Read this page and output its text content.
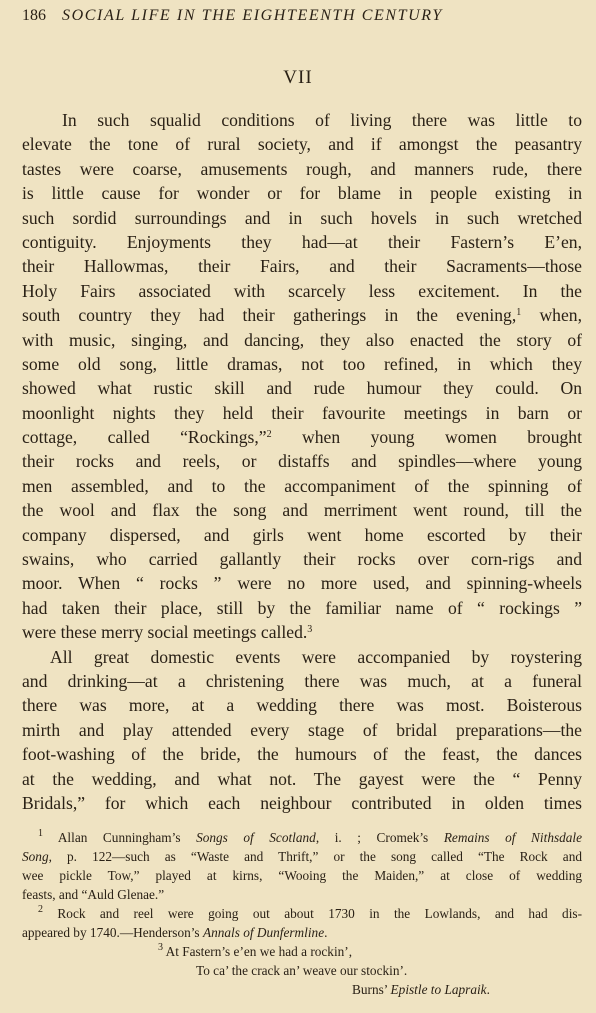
186 SOCIAL LIFE IN THE EIGHTEENTH CENTURY
VII
In such squalid conditions of living there was little to
elevate the tone of rural society, and if amongst the peasantry
tastes were coarse, amusements rough, and manners rude, there
is little cause for wonder or for blame in people existing in
such sordid surroundings and in such hovels in such wretched
contiguity. Enjoyments they had—at their Fastern’s E’en,
their Hallowmas, their Fairs, and their Sacraments—those
Holy Fairs associated with scarcely less excitement. In the
south country they had their gatherings in the evening,$^1$ when,
with music, singing, and dancing, they also enacted the story of
some old song, little dramas, not too refined, in which they
showed what rustic skill and rude humour they could. On
moonlight nights they held their favourite meetings in barn or
cottage, called “Rockings,”$^2$ when young women brought
their rocks and reels, or distaffs and spindles—where young
men assembled, and to the accompaniment of the spinning of
the wool and flax the song and merriment went round, till the
company dispersed, and girls went home escorted by their
swains, who carried gallantly their rocks over corn-rigs and
moor. When “ rocks ” were no more used, and spinning-wheels
had taken their place, still by the familiar name of “ rockings ”
were these merry social meetings called.$^3$
All great domestic events were accompanied by roystering
and drinking—at a christening there was much, at a funeral
there was more, at a wedding there was most. Boisterous
mirth and play attended every stage of bridal preparations—the
foot-washing of the bride, the humours of the feast, the dances
at the wedding, and what not. The gayest were the “ Penny
Bridals,” for which each neighbour contributed in olden times
$^1$ Allan Cunningham’s Songs of Scotland, i. ; Cromek’s Remains of Nithsdale
Song, p. 122—such as “Waste and Thrift,” or the song called “The Rock and
wee pickle Tow,” played at kirns, “Wooing the Maiden,” at close of wedding
feasts, and “Auld Glenae.”
$^2$ Rock and reel were going out about 1730 in the Lowlands, and had dis-
appeared by 1740.—Henderson’s Annals of Dunfermline.
$^3$ At Fastern’s e’en we had a rockin’,
To ca’ the crack an’ weave our stockin’.
Burns’ Epistle to Lapraik.
